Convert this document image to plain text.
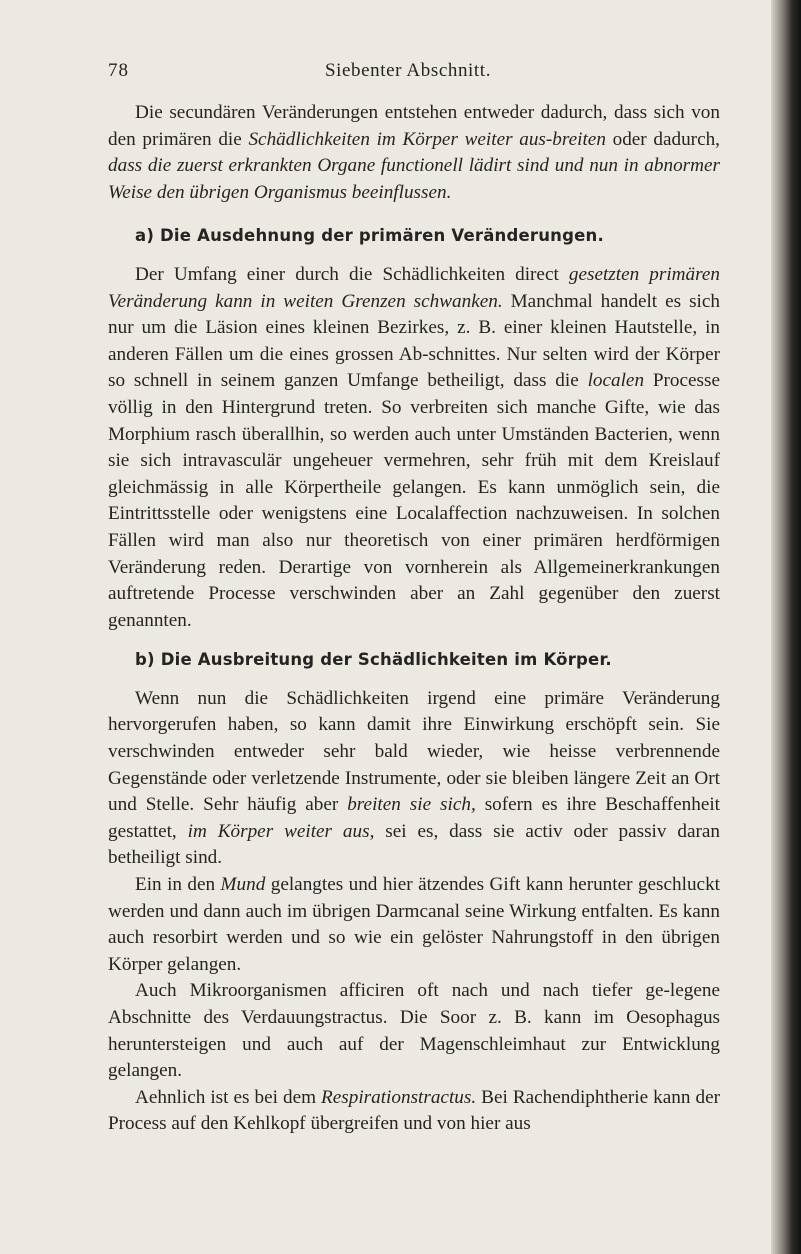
78	Siebenter Abschnitt.

Die secundären Veränderungen entstehen entweder dadurch, dass sich von den primären die Schädlichkeiten im Körper weiter aus-breiten oder dadurch, dass die zuerst erkrankten Organe functionell lädirt sind und nun in abnormer Weise den übrigen Organismus beeinflussen.

a) Die Ausdehnung der primären Veränderungen.

Der Umfang einer durch die Schädlichkeiten direct gesetzten primären Veränderung kann in weiten Grenzen schwanken. Manchmal handelt es sich nur um die Läsion eines kleinen Bezirkes, z. B. einer kleinen Hautstelle, in anderen Fällen um die eines grossen Ab-schnittes. Nur selten wird der Körper so schnell in seinem ganzen Umfange betheiligt, dass die localen Processe völlig in den Hintergrund treten. So verbreiten sich manche Gifte, wie das Morphium rasch überallhin, so werden auch unter Umständen Bacterien, wenn sie sich intravasculär ungeheuer vermehren, sehr früh mit dem Kreislauf gleichmässig in alle Körpertheile gelangen. Es kann unmöglich sein, die Eintrittsstelle oder wenigstens eine Localaffection nachzuweisen. In solchen Fällen wird man also nur theoretisch von einer primären herdförmigen Veränderung reden. Derartige von vornherein als Allgemeinerkrankungen auftretende Processe verschwinden aber an Zahl gegenüber den zuerst genannten.

b) Die Ausbreitung der Schädlichkeiten im Körper.

Wenn nun die Schädlichkeiten irgend eine primäre Veränderung hervorgerufen haben, so kann damit ihre Einwirkung erschöpft sein. Sie verschwinden entweder sehr bald wieder, wie heisse verbrennende Gegenstände oder verletzende Instrumente, oder sie bleiben längere Zeit an Ort und Stelle. Sehr häufig aber breiten sie sich, sofern es ihre Beschaffenheit gestattet, im Körper weiter aus, sei es, dass sie activ oder passiv daran betheiligt sind.

Ein in den Mund gelangtes und hier ätzendes Gift kann herunter geschluckt werden und dann auch im übrigen Darmcanal seine Wirkung entfalten. Es kann auch resorbirt werden und so wie ein gelöster Nahrungstoff in den übrigen Körper gelangen.

Auch Mikroorganismen afficiren oft nach und nach tiefer ge-legene Abschnitte des Verdauungstractus. Die Soor z. B. kann im Oesophagus heruntersteigen und auch auf der Magenschleimhaut zur Entwicklung gelangen.

Aehnlich ist es bei dem Respirationstractus. Bei Rachendiphtherie kann der Process auf den Kehlkopf übergreifen und von hier aus
